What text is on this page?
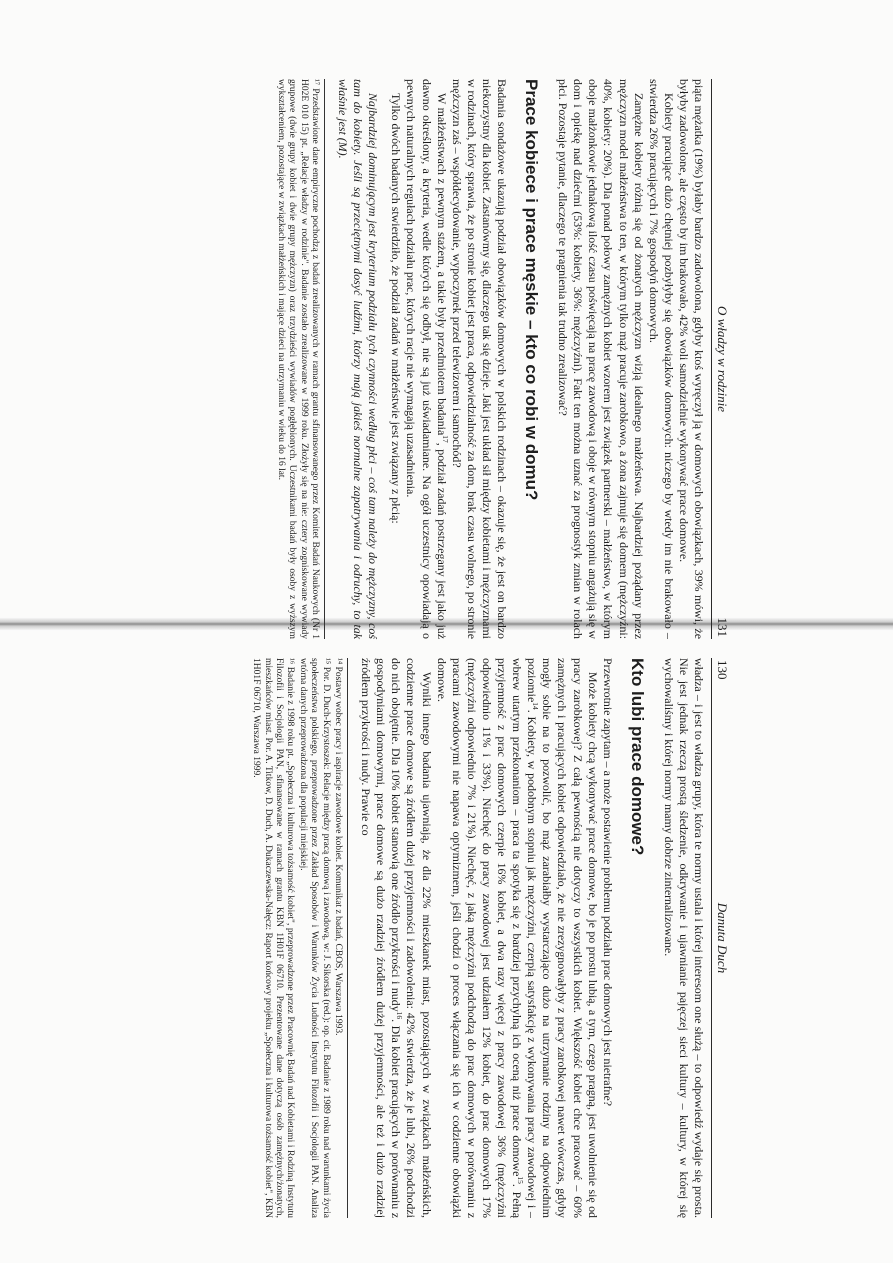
130
Danuta Duch

władza – i jest to władza grupy, która te normy ustala i której interesom one służą – to odpowiedź wydaje się prosta. Nie jest jednak rzeczą prostą śledzenie, odkrywanie i ujawnianie pajęczej sieci kultury – kultury, w której się wychowaliśmy i której normy mamy dobrze zinternalizowane.

Kto lubi prace domowe?

Przewrotnie zapytam – a może postawienie problemu podziału prac domowych jest nietrafne?

Może kobiety chcą wykonywać prace domowe, bo je po prostu lubią, a tym, czego pragną, jest uwolnienie się od pracy zarobkowej? Z całą pewnością nie dotyczy to wszystkich kobiet. Większość kobiet chce pracować – 60% zamężnych i pracujących kobiet odpowiedziało, że nie zrezygnowałyby z pracy zarobkowej nawet wówczas, gdyby mogły sobie na to pozwolić, bo mąż zarabiałby wystarczająco dużo na utrzymanie rodziny na odpowiednim poziomie$^{14}$. Kobiety, w podobnym stopniu jak mężczyźni, czerpią satysfakcję z wykonywania pracy zawodowej i – wbrew utartym przekonaniom – praca ta spotyka się z bardziej przychylną ich oceną niż prace domowe$^{15}$. Pełną przyjemność z prac domowych czerpie 16% kobiet, a dwa razy więcej z pracy zawodowej 36% (mężczyźni odpowiednio 11% i 33%). Niechęć do pracy zawodowej jest udziałem 12% kobiet, do prac domowych 17% (mężczyźni odpowiednio 7% i 21%). Niechęć, z jaką mężczyźni podchodzą do prac domowych w porównaniu z pracami zawodowymi nie napawa optymizmem, jeśli chodzi o proces włączania się ich w codzienne obowiązki domowe.

Wyniki innego badania ujawniają, że dla 22% mieszkanek miast, pozostających w związkach małżeńskich, codzienne prace domowe są źródłem dużej przyjemności i zadowolenia: 42% stwierdza, że je lubi, 26% podchodzi do nich obojętnie. Dla 10% kobiet stanowią one źródło przykrości i nudy$^{16}$. Dla kobiet pracujących w porównaniu z gospodyniami domowymi, prace domowe są dużo rzadziej źródłem dużej przyjemności, ale też i dużo rzadziej źródłem przykrości i nudy. Prawie co

¹⁴ Postawy wobec pracy i aspiracje zawodowe kobiet. Komunikat z badań, CBOS, Warszawa 1993.

¹⁵ Por. D. Duch-Krzystoszek: Relacje między pracą domową i zawodową, w: J. Sikorska (red.): op. cit. Badanie z 1989 roku nad warunkami życia społeczeństwa polskiego, przeprowadzone przez Zakład Sposobów i Warunków Życia Ludności Instytutu Filozofii i Socjologii PAN. Analiza wtórna danych przeprowadzona dla populacji miejskiej.

¹⁶ Badanie z 1998 roku pt. „Społeczna i kulturowa tożsamość kobiet", przeprowadzone przez Pracownię Badań nad Kobietami i Rodziną Instytutu Filozofii i Socjologii PAN, sfinansowane w ramach grantu KBN 1H01F 06710. Prezentowane dane dotyczą osób zamężnych/żonatych, mieszkańców miast. Por. A. Titkow, D. Duch, A. Dukaczewska-Nałęcz: Raport końcowy projektu „Społeczna i kulturowa tożsamość kobiet", KBN 1H01F 06710, Warszawa 1999.

O władzy w rodzinie
131

piąta mężatka (19%) byłaby bardzo zadowolona, gdyby ktoś wyręczył ją w domowych obowiązkach, 39% mówi, że byłyby zadowolone, ale często by im brakowało, 42% woli samodzielnie wykonywać prace domowe.

Kobiety pracujące dużo chętniej pozbyłyby się obowiązków domowych: niczego by wtedy im nie brakowało – stwierdza 26% pracujących i 7% gospodyń domowych.

Zamężne kobiety różnią się od żonatych mężczyzn wizją idealnego małżeństwa. Najbardziej pożądany przez mężczyzn model małżeństwa to ten, w którym tylko mąż pracuje zarobkowo, a żona zajmuje się domem (mężczyźni: 40%, kobiety: 20%). Dla ponad połowy zamężnych kobiet wzorem jest związek partnerski – małżeństwo, w którym oboje małżonkowie jednakową ilość czasu poświęcają na pracę zawodową i oboje w równym stopniu angażują się w dom i opiekę nad dziećmi (53%: kobiety, 36%: mężczyźni). Fakt ten można uznać za prognostyk zmian w rolach płci. Pozostaje pytanie, dlaczego te pragnienia tak trudno zrealizować?

Prace kobiece i prace męskie – kto co robi w domu?

Badania sondażowe ukazują podział obowiązków domowych w polskich rodzinach – okazuje się, że jest on bardzo niekorzystny dla kobiet. Zastanówmy się, dlaczego tak się dzieje. Jaki jest układ sił między kobietami i mężczyznami w rodzinach, który sprawia, że po stronie kobiet jest praca, odpowiedzialność za dom, brak czasu wolnego, po stronie mężczyzn zaś – współdecydowanie, wypoczynek przed telewizorem i samochód?

W małżeństwach z pewnym stażem, a takie były przedmiotem badania$^{17}$, podział zadań postrzegany jest jako już dawno określony, a kryteria, wedle których się odbył, nie są już uświadamiane. Na ogół uczestnicy opowiadają o pewnych naturalnych regułach podziału prac, których racje nie wymagają uzasadnienia.

Tylko dwóch badanych stwierdziło, że podział zadań w małżeństwie jest związany z płcią:

Najbardziej dominującym jest kryterium podziału tych czynności według płci – coś tam należy do mężczyzny, coś tam do kobiety. Jeśli są przeciętnymi dosyć ludźmi, którzy mają jakieś normalne zapatrywania i odruchy, to tak właśnie jest (M).

¹⁷ Przedstawione dane empiryczne pochodzą z badań zrealizowanych w ramach grantu sfinansowanego przez Komitet Badań Naukowych (Nr 1 H02E 010 15) pt. „Relacje władzy w rodzinie". Badanie zostało zrealizowane w 1999 roku. Złożyły się na nie: cztery zogniskowane wywiady grupowe (dwie grupy kobiet i dwie grupy mężczyzn) oraz trzydzieści wywiadów pogłębionych. Uczestnikami badań były osoby z wyższym wykształceniem, pozostające w związkach małżeńskich i mające dzieci na utrzymaniu w wieku do 16 lat.
